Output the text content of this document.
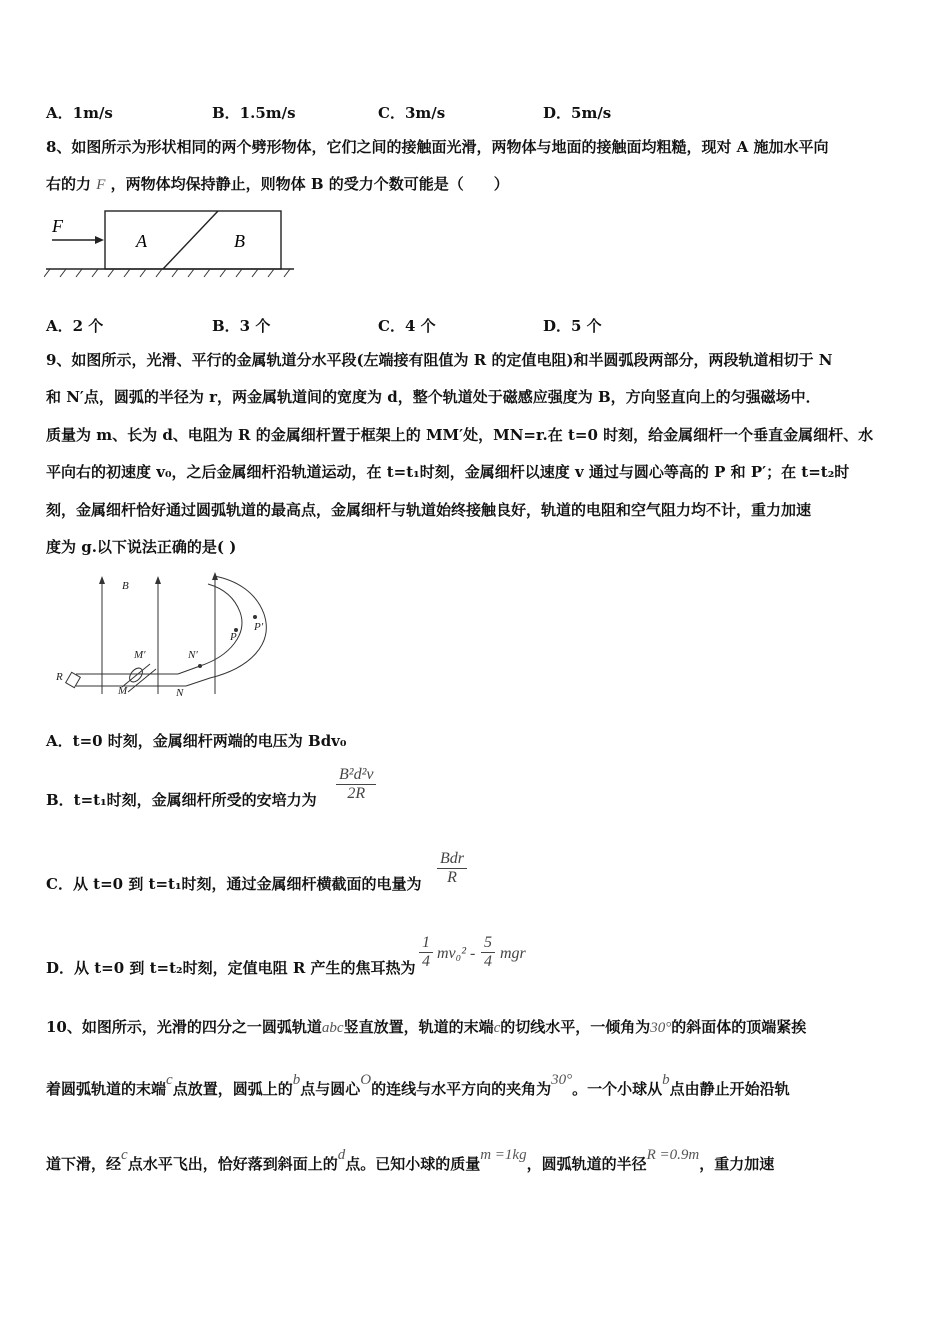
A．1m/s	B．1.5m/s	C．3m/s	D．5m/s
8、如图所示为形状相同的两个劈形物体，它们之间的接触面光滑，两物体与地面的接触面均粗糙，现对 A 施加水平向
右的力 F ，两物体均保持静止，则物体 B 的受力个数可能是（　　）
F
A	B
A．2 个	B．3 个	C．4 个	D．5 个
9、如图所示，光滑、平行的金属轨道分水平段(左端接有阻值为 R 的定值电阻)和半圆弧段两部分，两段轨道相切于 N
和 N′点，圆弧的半径为 r，两金属轨道间的宽度为 d，整个轨道处于磁感应强度为 B，方向竖直向上的匀强磁场中．
质量为 m、长为 d、电阻为 R 的金属细杆置于框架上的 MM′处，MN=r.在 t=0 时刻，给金属细杆一个垂直金属细杆、水
平向右的初速度 v₀，之后金属细杆沿轨道运动，在 t=t₁时刻，金属细杆以速度 v 通过与圆心等高的 P 和 P′；在 t=t₂时
刻，金属细杆恰好通过圆弧轨道的最高点，金属细杆与轨道始终接触良好，轨道的电阻和空气阻力均不计，重力加速
度为 g.以下说法正确的是( )
B
R
M′
M
N′
N
P
P′
A．t=0 时刻，金属细杆两端的电压为 Bdv₀
B．t=t₁时刻，金属细杆所受的安培力为 $\frac{\text{B²d²v}}{2R}$
C．从 t=0 到 t=t₁时刻，通过金属细杆横截面的电量为
Bdr
R
D．从 t=0 到 t=t₂时刻，定值电阻 R 产生的焦耳热为 $\frac{1}{4} mv_0^2 - \frac{5}{4}$ mgr
10、如图所示，光滑的四分之一圆弧轨道abc竖直放置，轨道的末端c的切线水平，一倾角为30°的斜面体的顶端紧挨
着圆弧轨道的末端c点放置，圆弧上的b点与圆心O的连线与水平方向的夹角为30°。一个小球从b点由静止开始沿轨
道下滑，经c点水平飞出，恰好落到斜面上的d点。已知小球的质量m =1kg，圆弧轨道的半径R =0.9m，重力加速
